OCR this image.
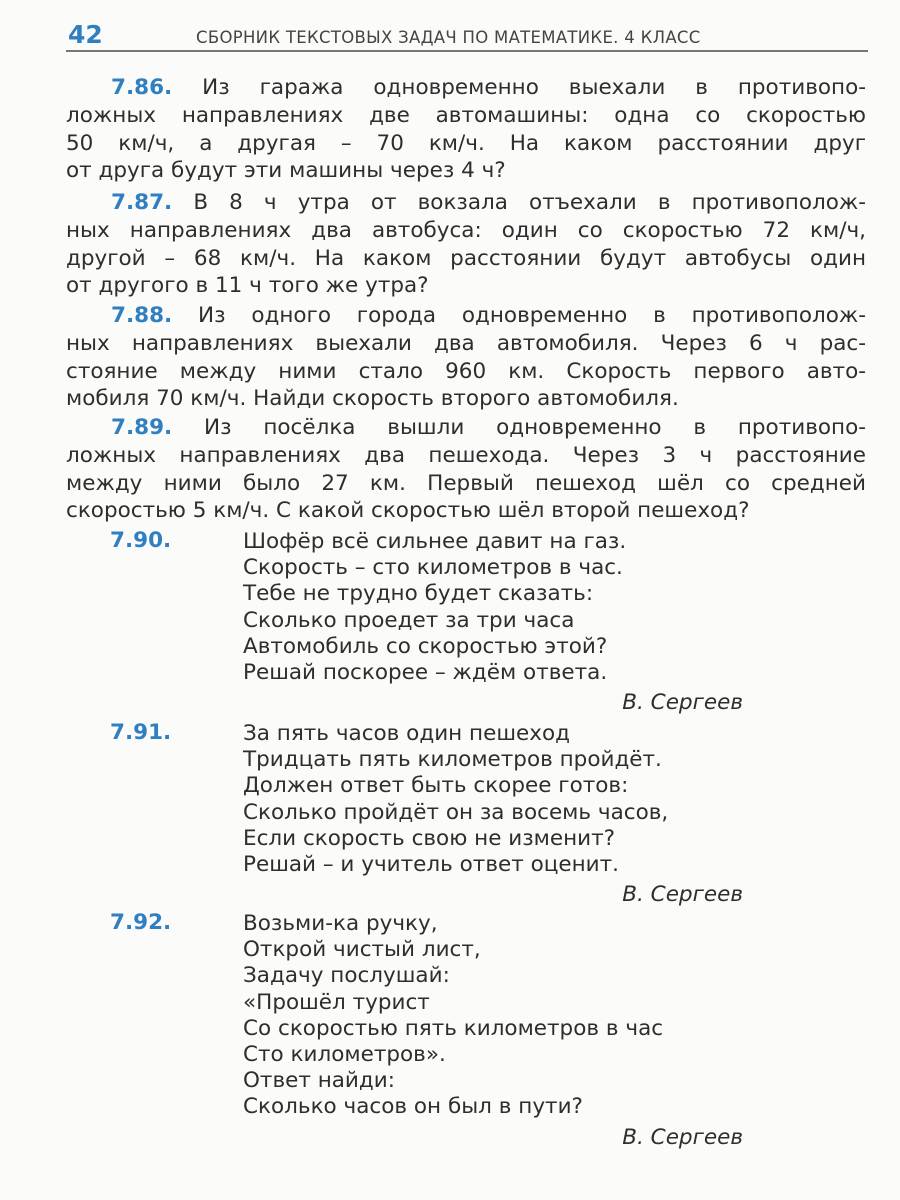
42	СБОРНИК ТЕКСТОВЫХ ЗАДАЧ ПО МАТЕМАТИКЕ. 4 КЛАСС
7.86. Из гаража одновременно выехали в противопо-
ложных направлениях две автомашины: одна со скоростью
50 км/ч, а другая – 70 км/ч. На каком расстоянии друг
от друга будут эти машины через 4 ч?
7.87. В 8 ч утра от вокзала отъехали в противополож-
ных направлениях два автобуса: один со скоростью 72 км/ч,
другой – 68 км/ч. На каком расстоянии будут автобусы один
от другого в 11 ч того же утра?
7.88. Из одного города одновременно в противополож-
ных направлениях выехали два автомобиля. Через 6 ч рас-
стояние между ними стало 960 км. Скорость первого авто-
мобиля 70 км/ч. Найди скорость второго автомобиля.
7.89. Из посёлка вышли одновременно в противопо-
ложных направлениях два пешехода. Через 3 ч расстояние
между ними было 27 км. Первый пешеход шёл со средней
скоростью 5 км/ч. С какой скоростью шёл второй пешеход?
7.90.	Шофёр всё сильнее давит на газ.
Скорость – сто километров в час.
Тебе не трудно будет сказать:
Сколько проедет за три часа
Автомобиль со скоростью этой?
Решай поскорее – ждём ответа.
В. Сергеев
7.91.	За пять часов один пешеход
Тридцать пять километров пройдёт.
Должен ответ быть скорее готов:
Сколько пройдёт он за восемь часов,
Если скорость свою не изменит?
Решай – и учитель ответ оценит.
В. Сергеев
7.92.	Возьми-ка ручку,
Открой чистый лист,
Задачу послушай:
«Прошёл турист
Со скоростью пять километров в час
Сто километров».
Ответ найди:
Сколько часов он был в пути?
В. Сергеев
